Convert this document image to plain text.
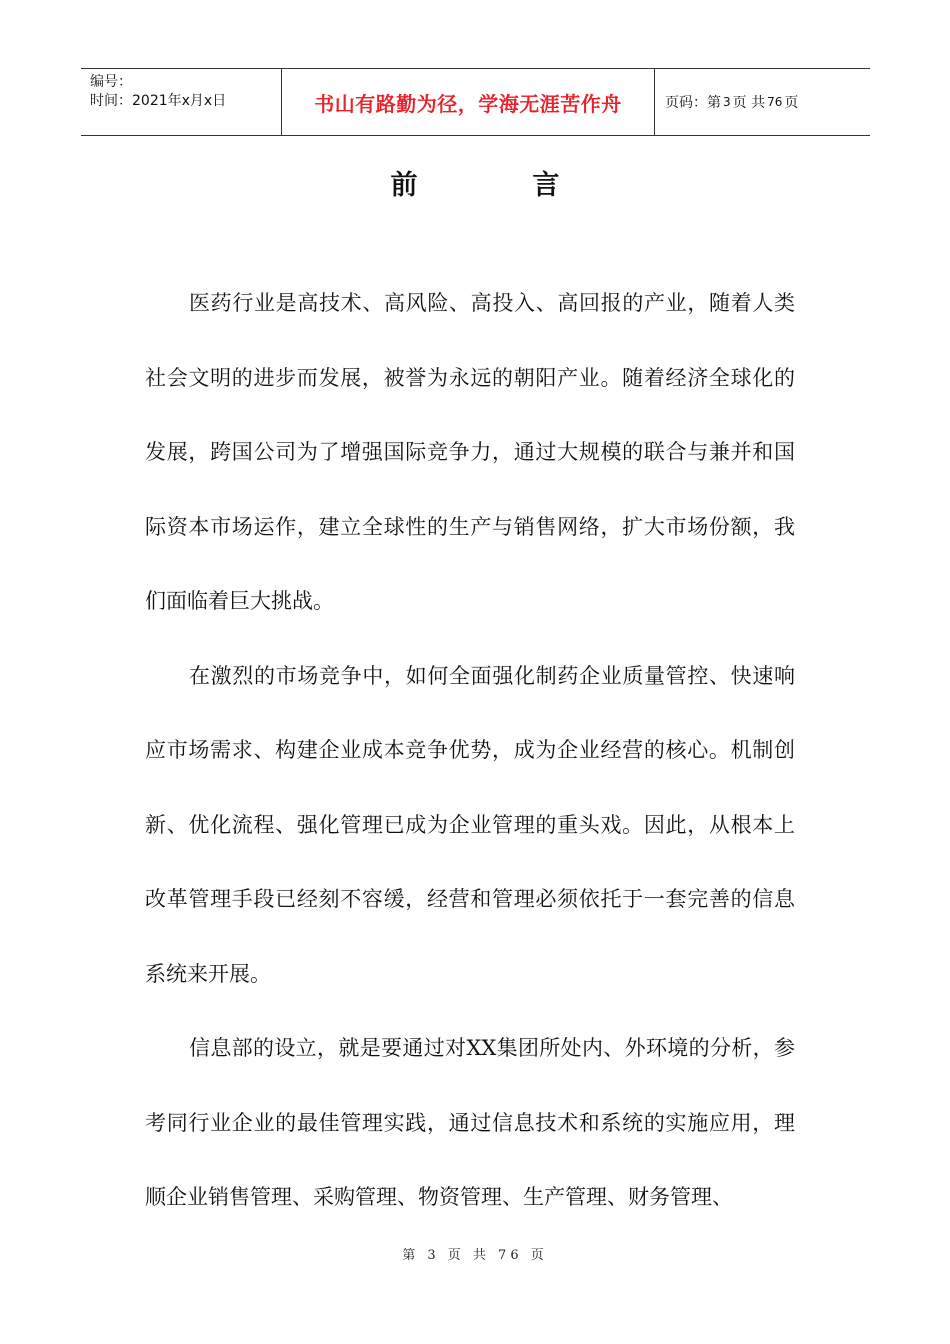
编号：
时间：2021年x月x日	书山有路勤为径，学海无涯苦作舟	页码：第 3 页 共 76 页
前言

医药行业是高技术、高风险、高投入、高回报的产业，随着人类社会文明的进步而发展，被誉为永远的朝阳产业。随着经济全球化的发展，跨国公司为了增强国际竞争力，通过大规模的联合与兼并和国际资本市场运作，建立全球性的生产与销售网络，扩大市场份额，我们面临着巨大挑战。

在激烈的市场竞争中，如何全面强化制药企业质量管控、快速响应市场需求、构建企业成本竞争优势，成为企业经营的核心。机制创新、优化流程、强化管理已成为企业管理的重头戏。因此，从根本上改革管理手段已经刻不容缓，经营和管理必须依托于一套完善的信息系统来开展。

信息部的设立，就是要通过对XX集团所处内、外环境的分析，参考同行业企业的最佳管理实践，通过信息技术和系统的实施应用，理顺企业销售管理、采购管理、物资管理、生产管理、财务管理、

第 3 页 共 76 页
